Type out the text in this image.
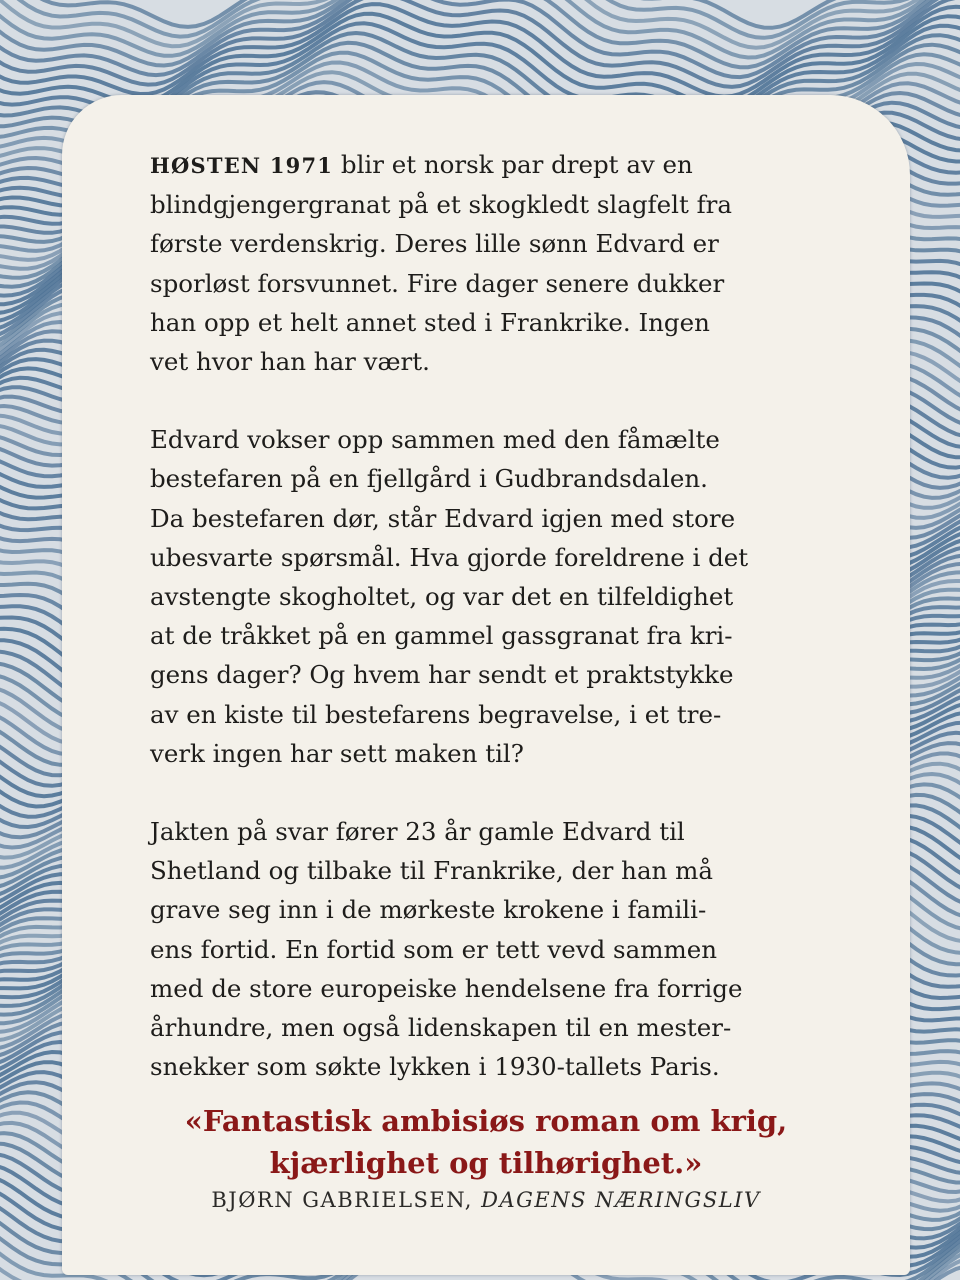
HØSTEN 1971 blir et norsk par drept av en
blindgjengergranat på et skogkledt slagfelt fra
første verdenskrig. Deres lille sønn Edvard er
sporløst forsvunnet. Fire dager senere dukker
han opp et helt annet sted i Frankrike. Ingen
vet hvor han har vært.

Edvard vokser opp sammen med den fåmælte
bestefaren på en fjellgård i Gudbrandsdalen.
Da bestefaren dør, står Edvard igjen med store
ubesvarte spørsmål. Hva gjorde foreldrene i det
avstengte skogholtet, og var det en tilfeldighet
at de tråkket på en gammel gassgranat fra kri-
gens dager? Og hvem har sendt et praktstykke
av en kiste til bestefarens begravelse, i et tre-
verk ingen har sett maken til?

Jakten på svar fører 23 år gamle Edvard til
Shetland og tilbake til Frankrike, der han må
grave seg inn i de mørkeste krokene i famili-
ens fortid. En fortid som er tett vevd sammen
med de store europeiske hendelsene fra forrige
århundre, men også lidenskapen til en mester-
snekker som søkte lykken i 1930-tallets Paris.

«Fantastisk ambisiøs roman om krig,
kjærlighet og tilhørighet.»
BJØRN GABRIELSEN, DAGENS NÆRINGSLIV
